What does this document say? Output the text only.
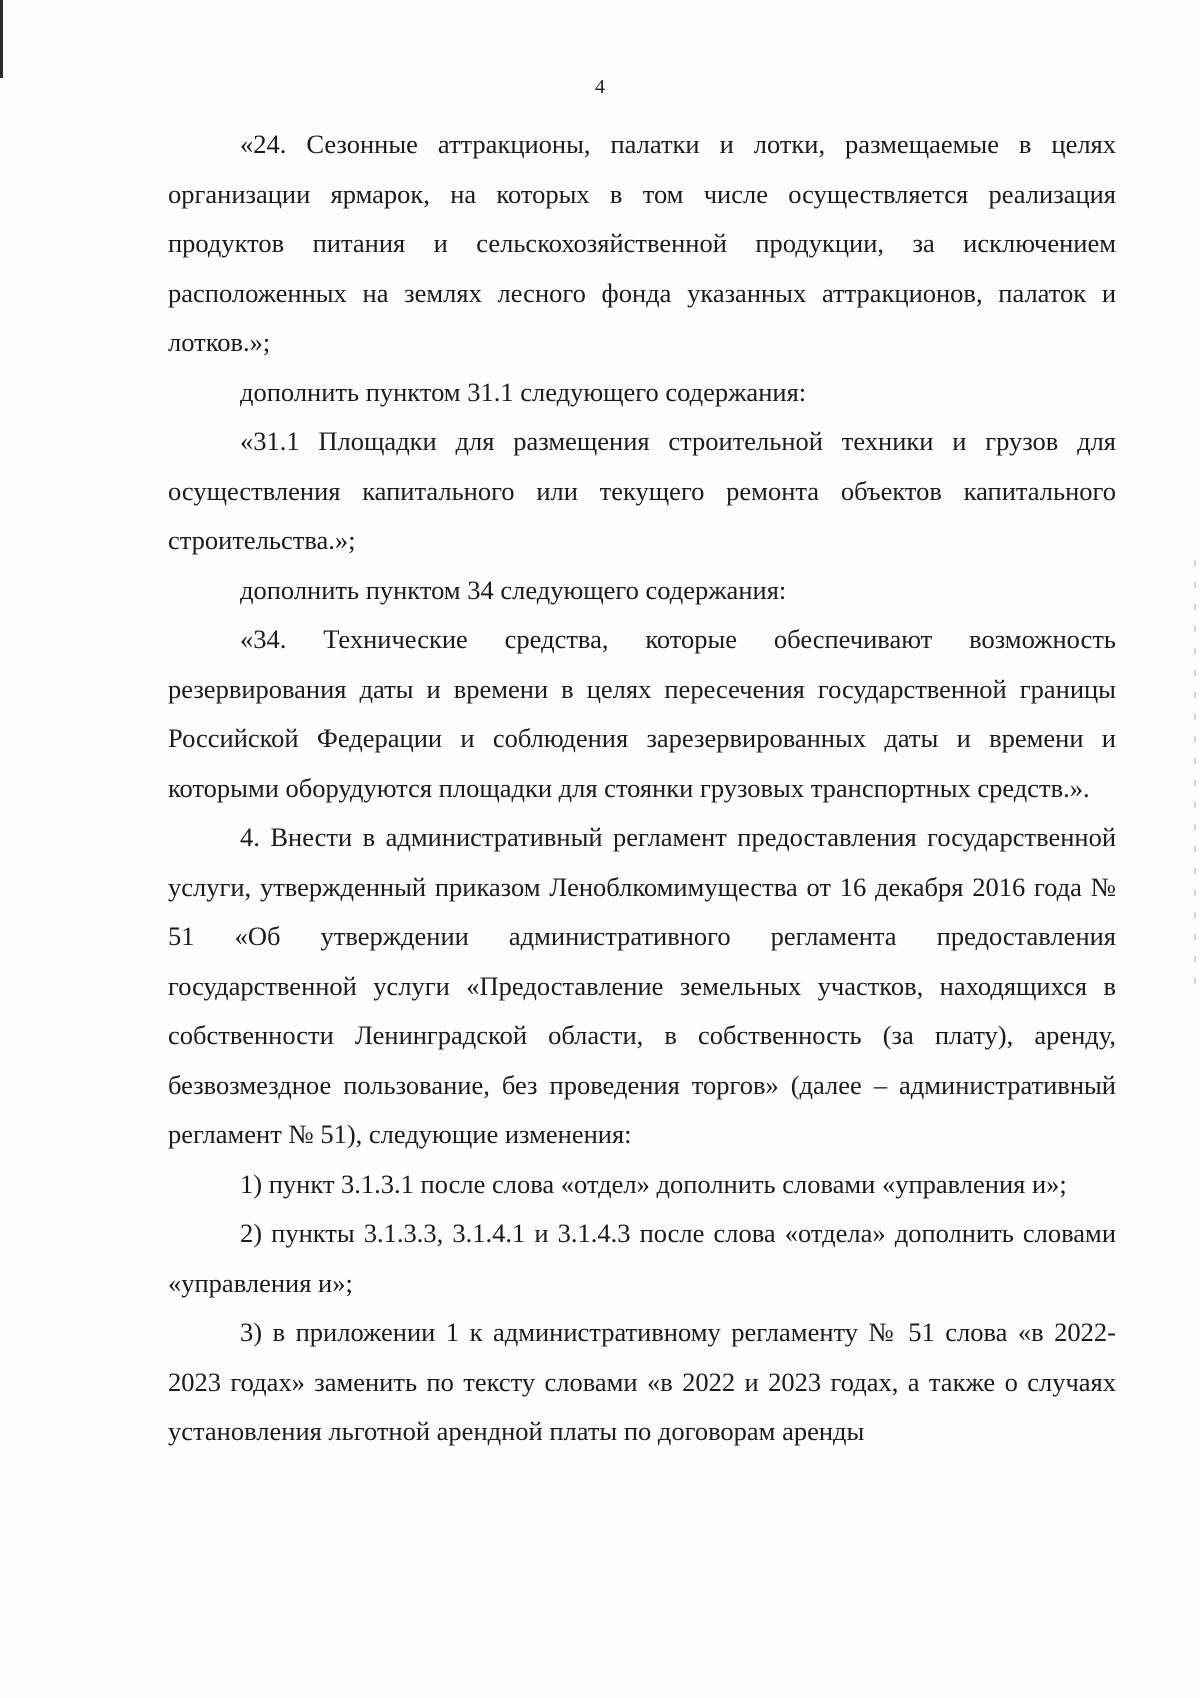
4

«24. Сезонные аттракционы, палатки и лотки, размещаемые в целях организации ярмарок, на которых в том числе осуществляется реализация продуктов питания и сельскохозяйственной продукции, за исключением расположенных на землях лесного фонда указанных аттракционов, палаток и лотков.»;

дополнить пунктом 31.1 следующего содержания:

«31.1 Площадки для размещения строительной техники и грузов для осуществления капитального или текущего ремонта объектов капитального строительства.»;

дополнить пунктом 34 следующего содержания:

«34. Технические средства, которые обеспечивают возможность резервирования даты и времени в целях пересечения государственной границы Российской Федерации и соблюдения зарезервированных даты и времени и которыми оборудуются площадки для стоянки грузовых транспортных средств.».

4. Внести в административный регламент предоставления государственной услуги, утвержденный приказом Леноблкомимущества от 16 декабря 2016 года № 51 «Об утверждении административного регламента предоставления государственной услуги «Предоставление земельных участков, находящихся в собственности Ленинградской области, в собственность (за плату), аренду, безвозмездное пользование, без проведения торгов» (далее – административный регламент № 51), следующие изменения:

1) пункт 3.1.3.1 после слова «отдел» дополнить словами «управления и»;

2) пункты 3.1.3.3, 3.1.4.1 и 3.1.4.3 после слова «отдела» дополнить словами «управления и»;

3) в приложении 1 к административному регламенту № 51 слова «в 2022-2023 годах» заменить по тексту словами «в 2022 и 2023 годах, а также о случаях установления льготной арендной платы по договорам аренды
